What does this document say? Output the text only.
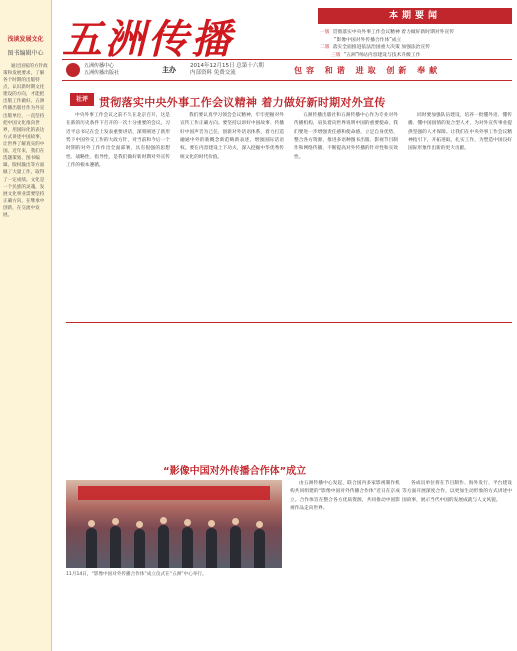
浅谈发展文化
图书编辑中心
通过国家的方针政策和发展要求，了解各个时期的出版特点，认识新时期文化建设的方向，才能把出版工作做好。五洲传播出版社作为外宣出版单位，一直坚持把中国文化推向世界，用国际化的表达方式讲述中国故事，让世界了解真实的中国。近年来，我们在选题策划、图书编辑、版权输出等方面做了大量工作，取得了一定成绩。文化是一个民族的灵魂，发展文化事业需要坚持正确方向，在继承中创新，在交流中发展。
五洲传播	本期要闻
一版 贯彻落实中央外事工作会议精神 着力做好新时期对外宣传
“影像中国对外传播合作体”成立
二版 落实全面推进依法治国重大决策 加强法治宣传
三版 “五洲”网站内容建设与技术升级工作
五洲传播中心
五洲传播出版社	主办
2014年12月15日 总第十六期
内部资料 免费交流	包容 和谐 进取 创新 奉献
社评	贯彻落实中央外事工作会议精神 着力做好新时期对外宣传
中央外事工作会议之前不久在北京召开，这是在新的历史条件下召开的一次十分重要的会议。习近平总书记在会上发表重要讲话，深刻阐述了新形势下中国外交工作的大政方针，对当前和今后一个时期的对外工作作出全面部署，具有很强的思想性、战略性、指导性，是我们做好新时期对外宣传工作的根本遵循。
我们要认真学习领会会议精神，牢牢把握对外宣传工作正确方向。要坚持以讲好中国故事、传播好中国声音为己任，创新对外话语体系，着力打造融通中外的新概念新范畴新表述，增强国际话语权。要在内容建设上下功夫，深入挖掘中华优秀传统文化的时代价值。
五洲传播出版社和五洲传播中心作为专业对外传播机构，肩负着向世界说明中国的重要使命。我们要进一步增强责任感和使命感，立足自身优势，整合各方资源，推进多语种图书出版、影视节目制作和网络传播，不断提高对外传播的针对性和实效性。
同时要加强队伍建设，培养一批懂外语、懂传播、懂中国国情的复合型人才，为对外宣传事业提供坚强的人才保障。让我们在中央外事工作会议精神指引下，开拓进取，扎实工作，为塑造中国良好国际形象作出新的更大贡献。
“影像中国对外传播合作体”成立
11月14日，“影像中国对外传播合作体”成立仪式在“五洲”中心举行。
由五洲传播中心发起，联合国内多家影视制作机构共同组建的“影像中国对外传播合作体”近日在京成立。合作体旨在整合各方优质资源，共同推动中国影视作品走向世界。
各成员单位将在节目制作、海外发行、平台建设等方面开展深度合作，以更加生动形象的方式讲述中国故事，展示当代中国的发展成就与人文风貌。
